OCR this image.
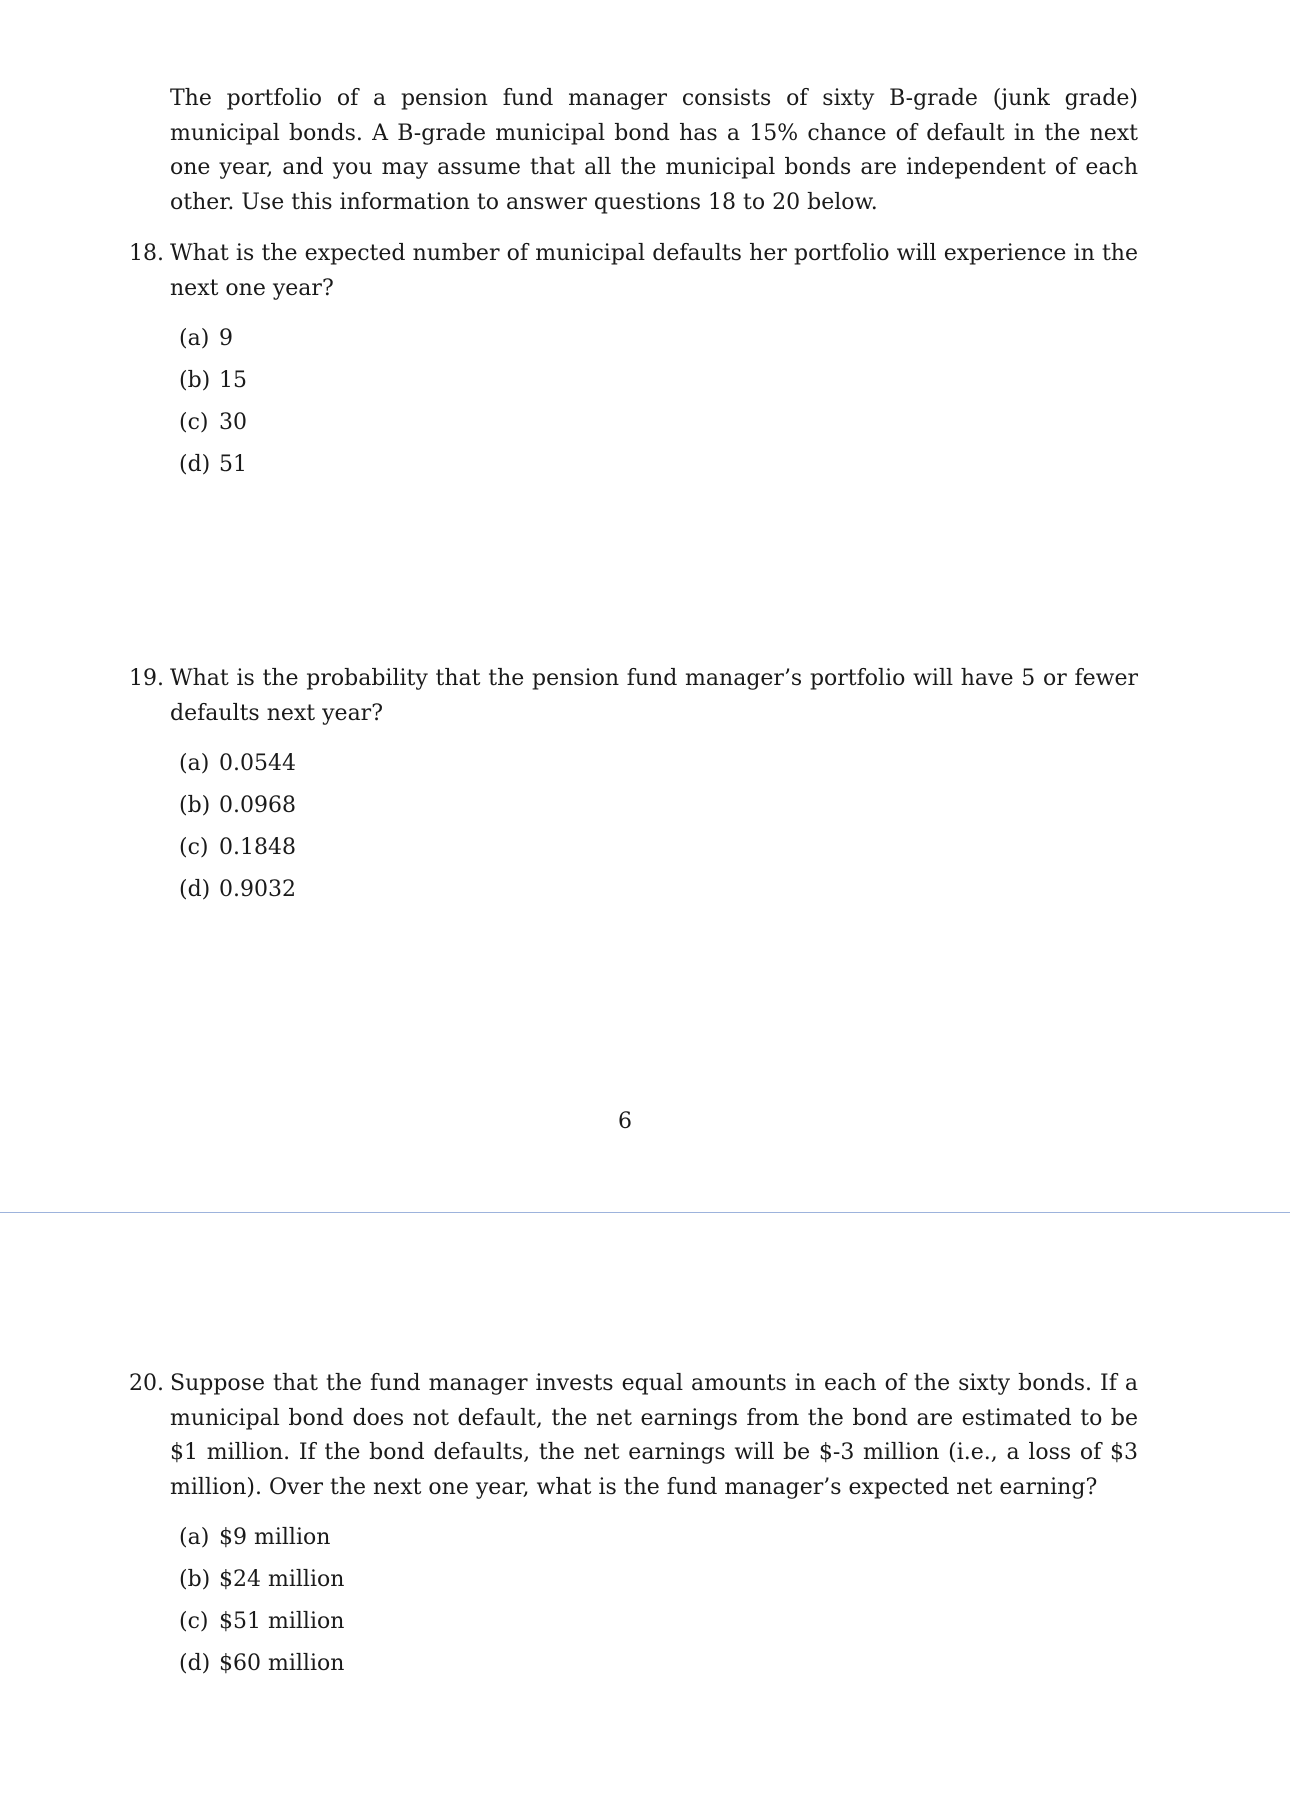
The portfolio of a pension fund manager consists of sixty B-grade (junk grade) municipal bonds. A B-grade municipal bond has a 15% chance of default in the next one year, and you may assume that all the municipal bonds are independent of each other. Use this information to answer questions 18 to 20 below.
18. What is the expected number of municipal defaults her portfolio will experience in the next one year?
(a) 9
(b) 15
(c) 30
(d) 51
19. What is the probability that the pension fund manager’s portfolio will have 5 or fewer defaults next year?
(a) 0.0544
(b) 0.0968
(c) 0.1848
(d) 0.9032
6
20. Suppose that the fund manager invests equal amounts in each of the sixty bonds. If a municipal bond does not default, the net earnings from the bond are estimated to be $1 million. If the bond defaults, the net earnings will be $-3 million (i.e., a loss of $3 million). Over the next one year, what is the fund manager’s expected net earning?
(a) $9 million
(b) $24 million
(c) $51 million
(d) $60 million
